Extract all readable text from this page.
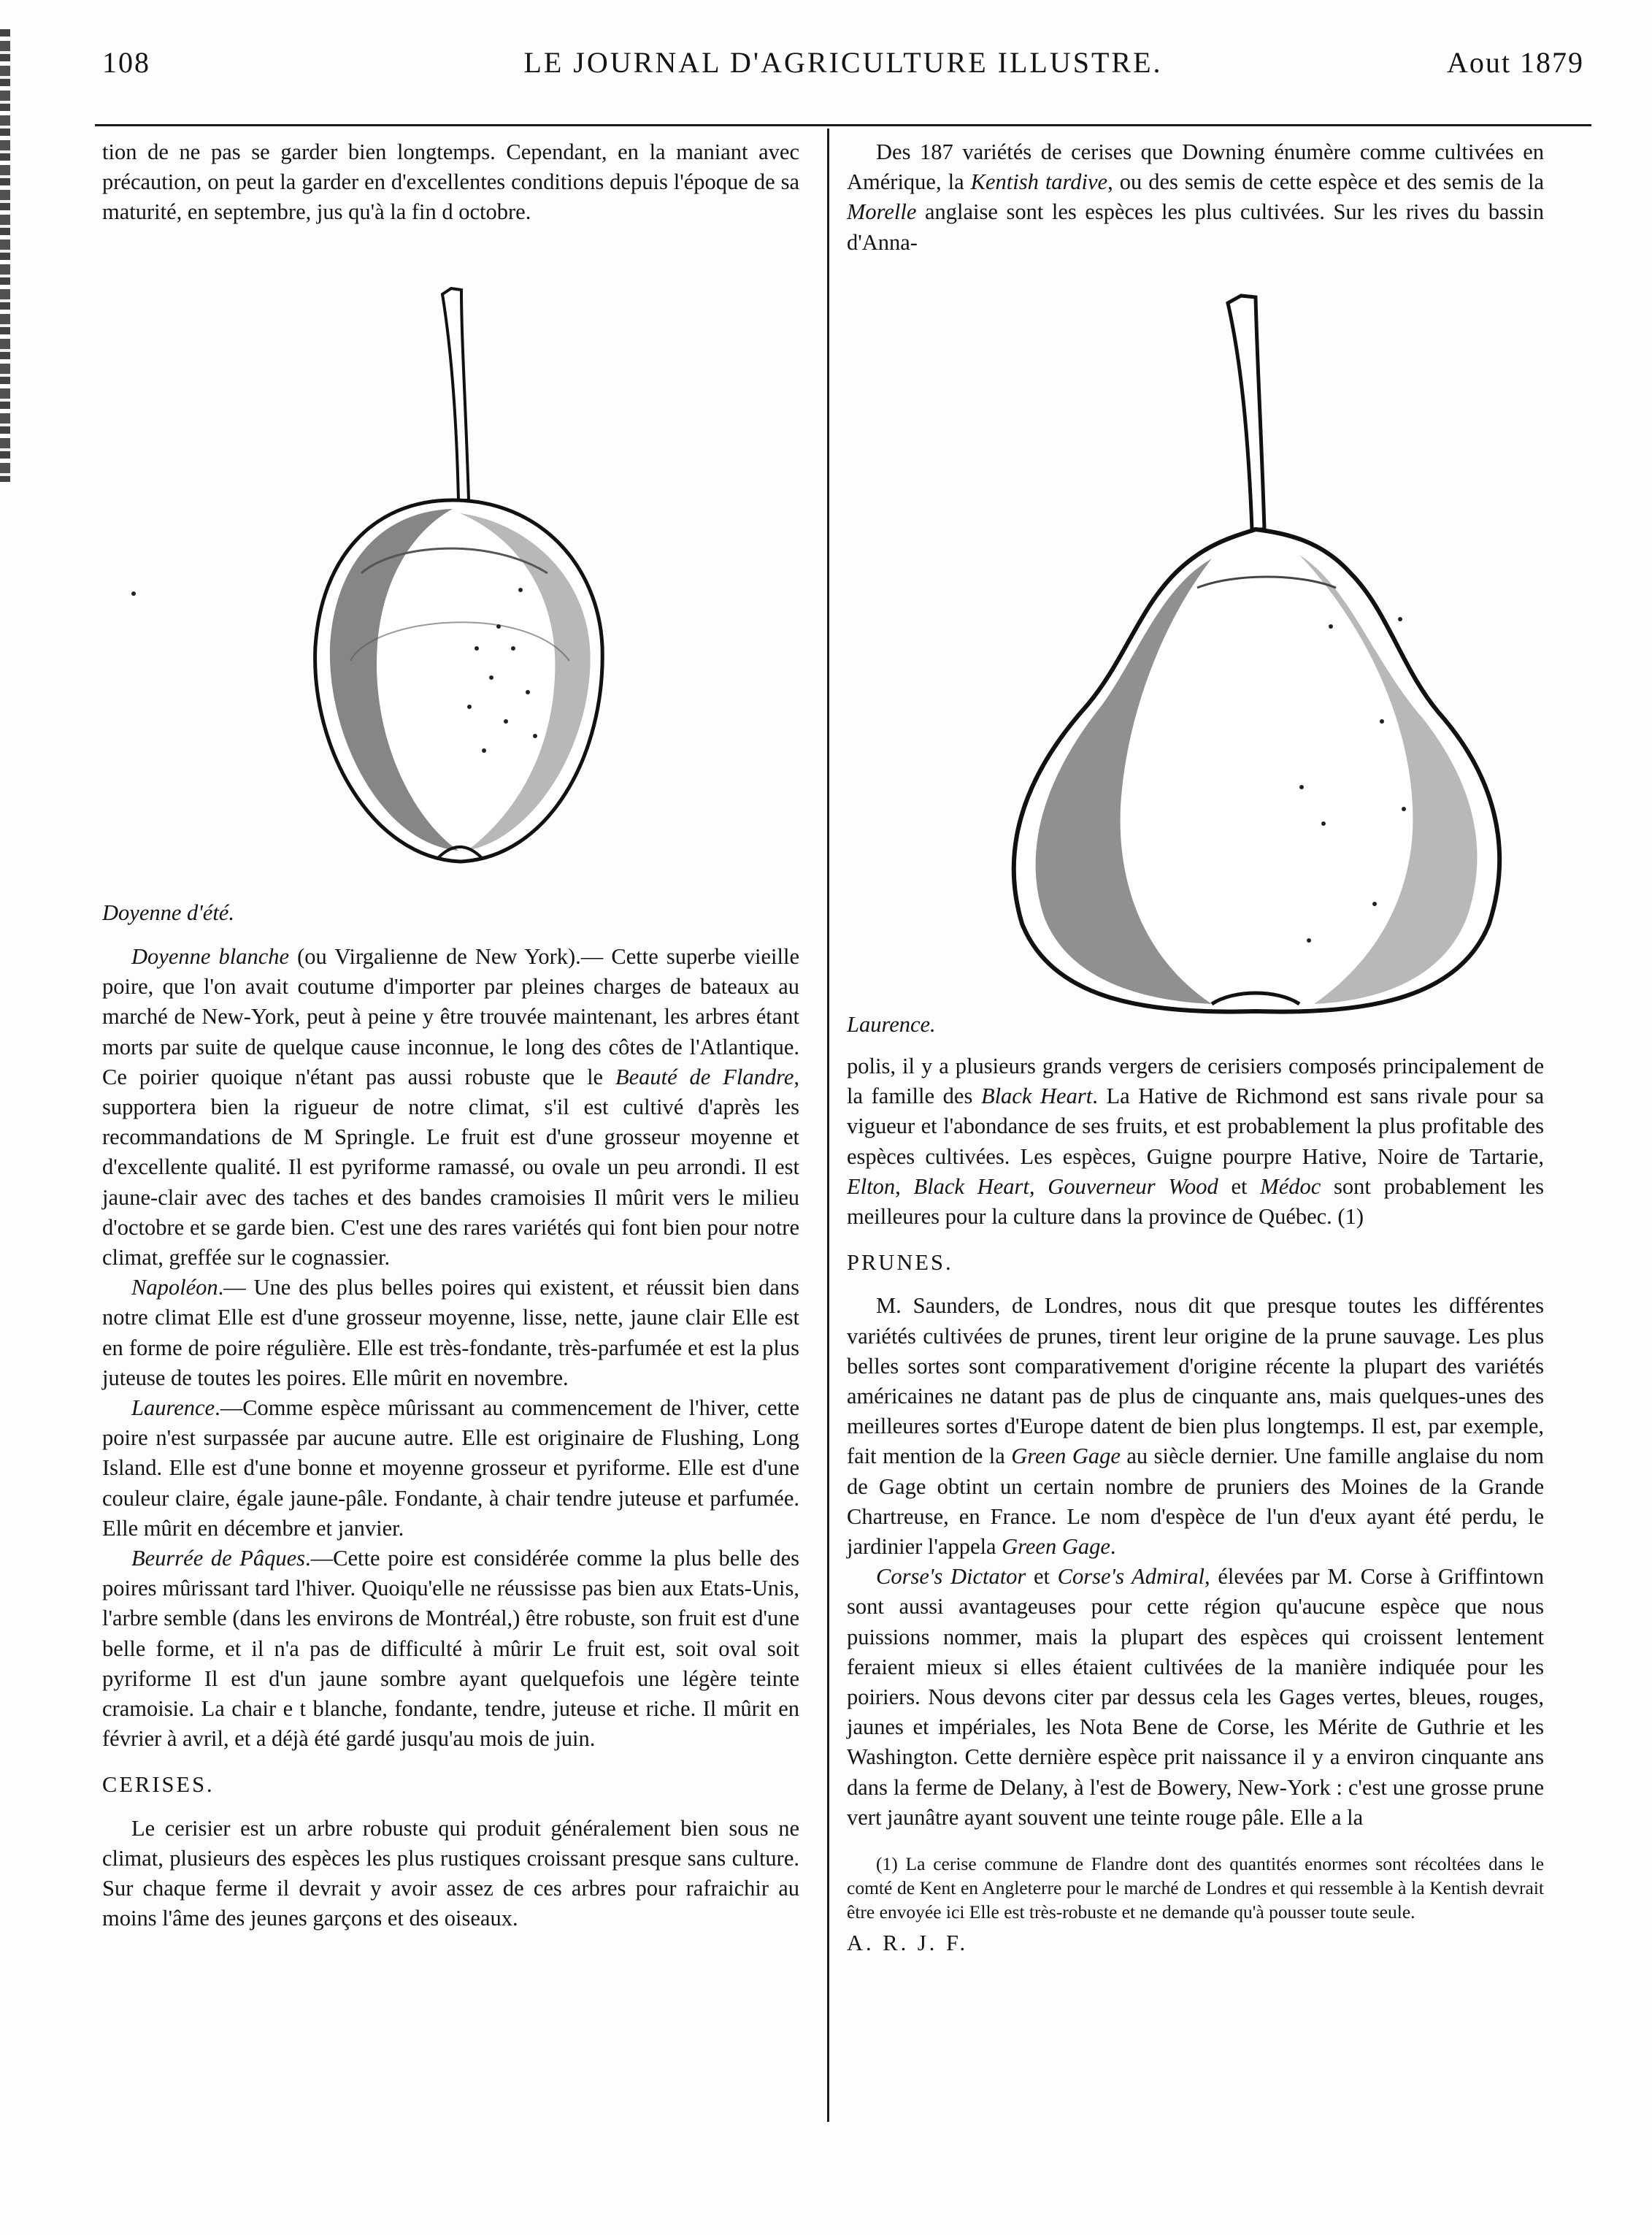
108	LE JOURNAL D'AGRICULTURE ILLUSTRE.	Aout 1879

tion de ne pas se garder bien longtemps. Cependant, en la maniant avec précaution, on peut la garder en d'excellentes conditions depuis l'époque de sa maturité, en septembre, jus qu'à la fin d octobre.

Doyenne d'été.

Doyenne blanche (ou Virgalienne de New York).— Cette superbe vieille poire, que l'on avait coutume d'importer par pleines charges de bateaux au marché de New-York, peut à peine y être trouvée maintenant, les arbres étant morts par suite de quelque cause inconnue, le long des côtes de l'Atlantique. Ce poirier quoique n'étant pas aussi robuste que le Beauté de Flandre, supportera bien la rigueur de notre climat, s'il est cultivé d'après les recommandations de M Springle. Le fruit est d'une grosseur moyenne et d'excellente qualité. Il est pyriforme ramassé, ou ovale un peu arrondi. Il est jaune-clair avec des taches et des bandes cramoisies Il mûrit vers le milieu d'octobre et se garde bien. C'est une des rares variétés qui font bien pour notre climat, greffée sur le cognassier.

Napoléon.— Une des plus belles poires qui existent, et réussit bien dans notre climat Elle est d'une grosseur moyenne, lisse, nette, jaune clair Elle est en forme de poire régulière. Elle est très-fondante, très-parfumée et est la plus juteuse de toutes les poires. Elle mûrit en novembre.

Laurence.—Comme espèce mûrissant au commencement de l'hiver, cette poire n'est surpassée par aucune autre. Elle est originaire de Flushing, Long Island. Elle est d'une bonne et moyenne grosseur et pyriforme. Elle est d'une couleur claire, égale jaune-pâle. Fondante, à chair tendre juteuse et parfumée. Elle mûrit en décembre et janvier.

Beurrée de Pâques.—Cette poire est considérée comme la plus belle des poires mûrissant tard l'hiver. Quoiqu'elle ne réussisse pas bien aux Etats-Unis, l'arbre semble (dans les environs de Montréal,) être robuste, son fruit est d'une belle forme, et il n'a pas de difficulté à mûrir Le fruit est, soit oval soit pyriforme Il est d'un jaune sombre ayant quelquefois une légère teinte cramoisie. La chair e t blanche, fondante, tendre, juteuse et riche. Il mûrit en février à avril, et a déjà été gardé jusqu'au mois de juin.

CERISES.

Le cerisier est un arbre robuste qui produit généralement bien sous ne climat, plusieurs des espèces les plus rustiques croissant presque sans culture. Sur chaque ferme il devrait y avoir assez de ces arbres pour rafraichir au moins l'âme des jeunes garçons et des oiseaux.

Des 187 variétés de cerises que Downing énumère comme cultivées en Amérique, la Kentish tardive, ou des semis de cette espèce et des semis de la Morelle anglaise sont les espèces les plus cultivées. Sur les rives du bassin d'Anna-

Laurence.

polis, il y a plusieurs grands vergers de cerisiers composés principalement de la famille des Black Heart. La Hative de Richmond est sans rivale pour sa vigueur et l'abondance de ses fruits, et est probablement la plus profitable des espèces cultivées. Les espèces, Guigne pourpre Hative, Noire de Tartarie, Elton, Black Heart, Gouverneur Wood et Médoc sont probablement les meilleures pour la culture dans la province de Québec. (1)

PRUNES.

M. Saunders, de Londres, nous dit que presque toutes les différentes variétés cultivées de prunes, tirent leur origine de la prune sauvage. Les plus belles sortes sont comparativement d'origine récente la plupart des variétés américaines ne datant pas de plus de cinquante ans, mais quelques-unes des meilleures sortes d'Europe datent de bien plus longtemps. Il est, par exemple, fait mention de la Green Gage au siècle dernier. Une famille anglaise du nom de Gage obtint un certain nombre de pruniers des Moines de la Grande Chartreuse, en France. Le nom d'espèce de l'un d'eux ayant été perdu, le jardinier l'appela Green Gage.

Corse's Dictator et Corse's Admiral, élevées par M. Corse à Griffintown sont aussi avantageuses pour cette région qu'aucune espèce que nous puissions nommer, mais la plupart des espèces qui croissent lentement feraient mieux si elles étaient cultivées de la manière indiquée pour les poiriers. Nous devons citer par dessus cela les Gages vertes, bleues, rouges, jaunes et impériales, les Nota Bene de Corse, les Mérite de Guthrie et les Washington. Cette dernière espèce prit naissance il y a environ cinquante ans dans la ferme de Delany, à l'est de Bowery, New-York : c'est une grosse prune vert jaunâtre ayant souvent une teinte rouge pâle. Elle a la

(1) La cerise commune de Flandre dont des quantités enormes sont récoltées dans le comté de Kent en Angleterre pour le marché de Londres et qui ressemble à la Kentish devrait être envoyée ici Elle est très-robuste et ne demande qu'à pousser toute seule.

A. R. J. F.
